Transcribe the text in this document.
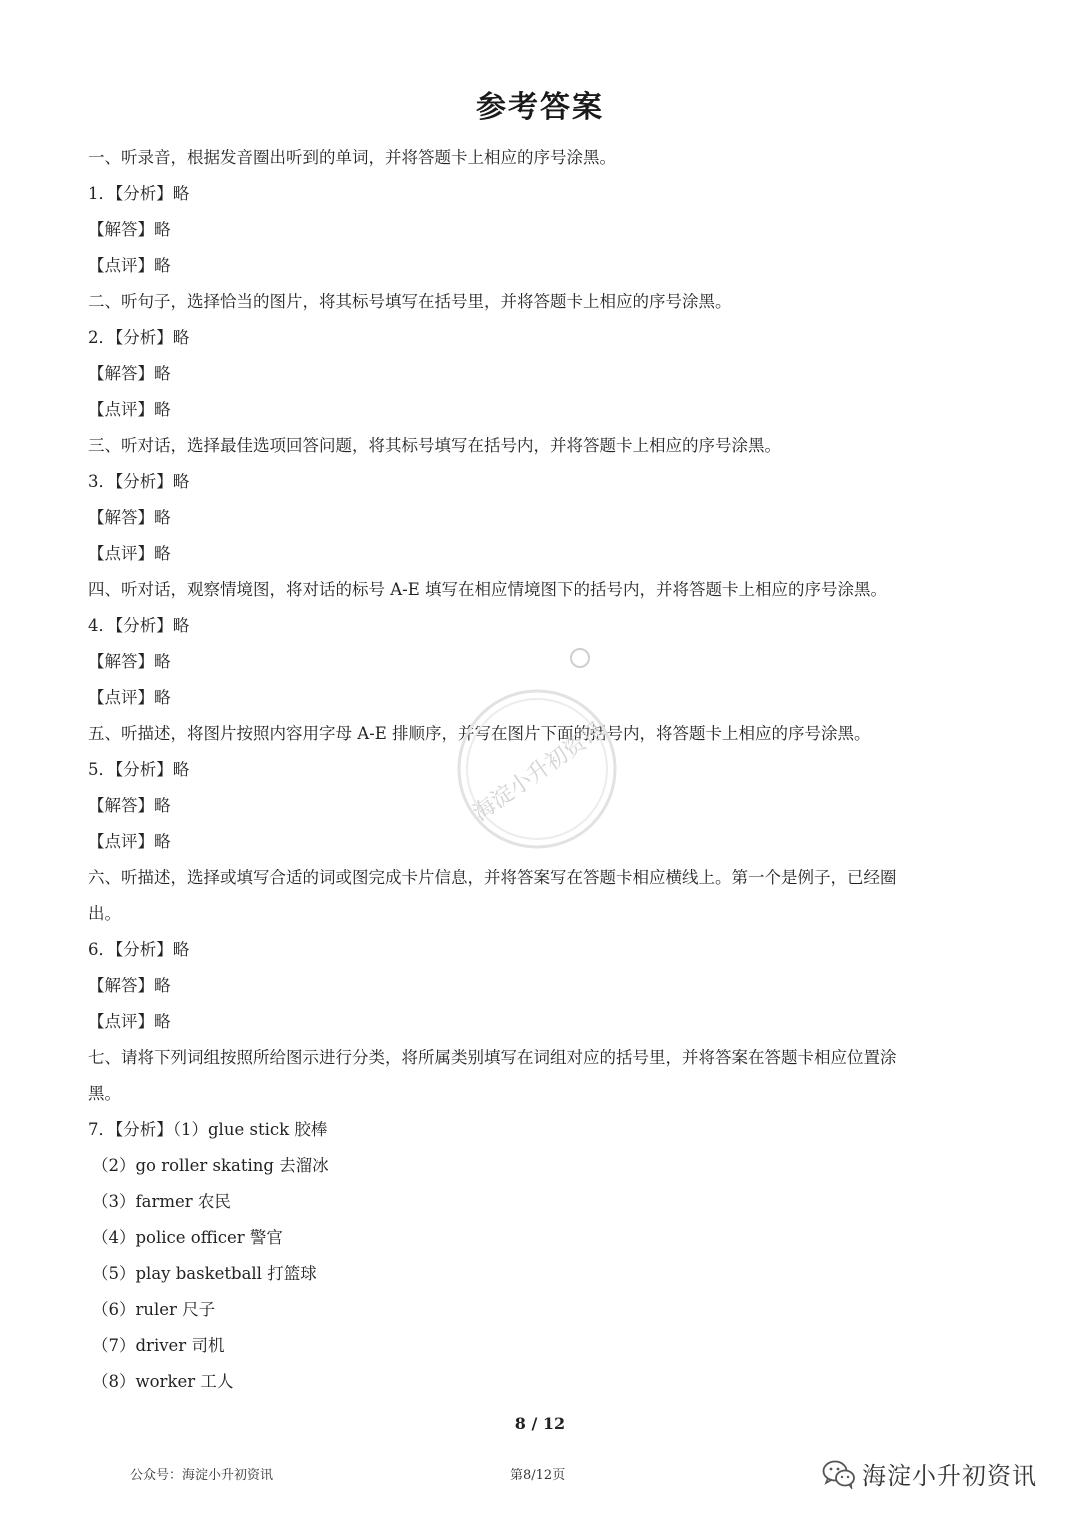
参考答案
一、听录音，根据发音圈出听到的单词，并将答题卡上相应的序号涂黑。
1．【分析】略
【解答】略
【点评】略
二、听句子，选择恰当的图片，将其标号填写在括号里，并将答题卡上相应的序号涂黑。
2．【分析】略
【解答】略
【点评】略
三、听对话，选择最佳选项回答问题，将其标号填写在括号内，并将答题卡上相应的序号涂黑。
3．【分析】略
【解答】略
【点评】略
四、听对话，观察情境图，将对话的标号 A-E 填写在相应情境图下的括号内，并将答题卡上相应的序号涂黑。
4．【分析】略
【解答】略
【点评】略
五、听描述，将图片按照内容用字母 A-E 排顺序，并写在图片下面的括号内，将答题卡上相应的序号涂黑。
5．【分析】略
【解答】略
【点评】略
六、听描述，选择或填写合适的词或图完成卡片信息，并将答案写在答题卡相应横线上。第一个是例子，已经圈
出。
6．【分析】略
【解答】略
【点评】略
七、请将下列词组按照所给图示进行分类，将所属类别填写在词组对应的括号里，并将答案在答题卡相应位置涂
黑。
7．【分析】（1）glue stick 胶棒
（2）go roller skating 去溜冰
（3）farmer 农民
（4）police officer 警官
（5）play basketball 打篮球
（6）ruler 尺子
（7）driver 司机
（8）worker 工人
海淀小升初资讯
8 / 12
公众号：海淀小升初资讯	第8/12页	海淀小升初资讯
